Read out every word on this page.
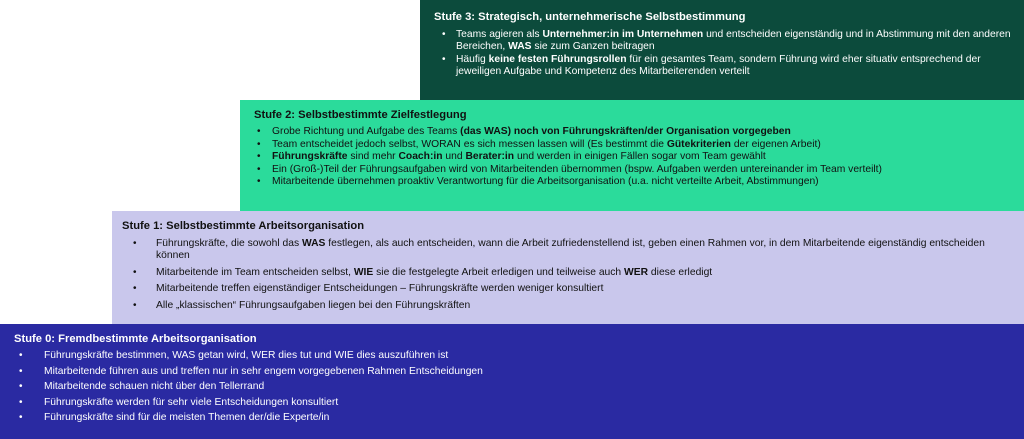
Stufe 3: Strategisch, unternehmerische Selbstbestimmung
• Teams agieren als Unternehmer:in im Unternehmen und entscheiden eigenständig und in Abstimmung mit den anderen Bereichen, WAS sie zum Ganzen beitragen
• Häufig keine festen Führungsrollen für ein gesamtes Team, sondern Führung wird eher situativ entsprechend der jeweiligen Aufgabe und Kompetenz des Mitarbeiterenden verteilt
Stufe 2: Selbstbestimmte Zielfestlegung
• Grobe Richtung und Aufgabe des Teams (das WAS) noch von Führungskräften/der Organisation vorgegeben
• Team entscheidet jedoch selbst, WORAN es sich messen lassen will (Es bestimmt die Gütekriterien der eigenen Arbeit)
• Führungskräfte sind mehr Coach:in und Berater:in und werden in einigen Fällen sogar vom Team gewählt
• Ein (Groß-)Teil der Führungsaufgaben wird von Mitarbeitenden übernommen (bspw. Aufgaben werden untereinander im Team verteilt)
• Mitarbeitende übernehmen proaktiv Verantwortung für die Arbeitsorganisation (u.a. nicht verteilte Arbeit, Abstimmungen)
Stufe 1: Selbstbestimmte Arbeitsorganisation
• Führungskräfte, die sowohl das WAS festlegen, als auch entscheiden, wann die Arbeit zufriedenstellend ist, geben einen Rahmen vor, in dem Mitarbeitende eigenständig entscheiden können
• Mitarbeitende im Team entscheiden selbst, WIE sie die festgelegte Arbeit erledigen und teilweise auch WER diese erledigt
• Mitarbeitende treffen eigenständiger Entscheidungen – Führungskräfte werden weniger konsultiert
• Alle „klassischen“ Führungsaufgaben liegen bei den Führungskräften
Stufe 0: Fremdbestimmte Arbeitsorganisation
• Führungskräfte bestimmen, WAS getan wird, WER dies tut und WIE dies auszuführen ist
• Mitarbeitende führen aus und treffen nur in sehr engem vorgegebenen Rahmen Entscheidungen
• Mitarbeitende schauen nicht über den Tellerrand
• Führungskräfte werden für sehr viele Entscheidungen konsultiert
• Führungskräfte sind für die meisten Themen der/die Experte/in
